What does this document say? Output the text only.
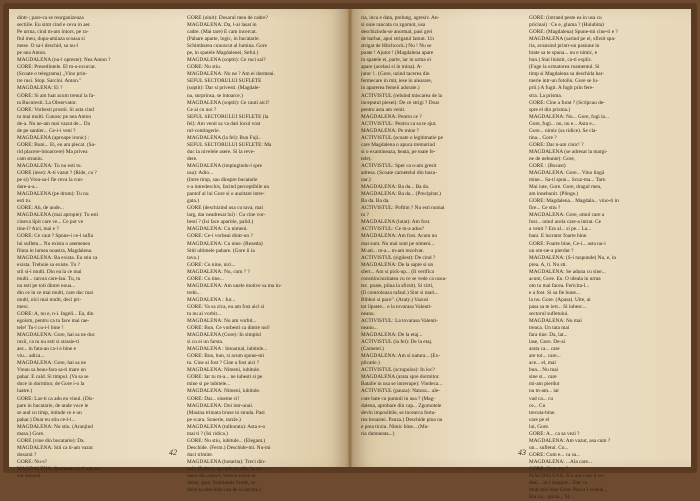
dintr-; pare-ca se reorganizeaza
sectiile. Eu simt cind e ceva in aer.
Pe urma, cind m-am intors, pe ra-
ftul meu, dupa-amiaza scoasa si
mese. O sa-i deschid, sa nu-l
pe nea Anton.
MAGDALENA (nu-l opreste): Nea Anton ?
GORE: Presedintele. El m-a-ncurcat.
(Scoate o telegrama) ,,Vino prin-
tre rusi. Stop. Sarcini. Anton."
MAGDALENA: Ei ?
GORE: Si am luat acum trenul la fa-
ta Bucuresti. La Observator.
GORE: Vorbesti prostii. Si asta cind
tu mai multi. Cunosc pe nea Anton
de-a. Nu ne-am mai vazut de... Da
de pe santier... Ce-i-i veni ?
MAGDALENA (aproape ironic) :
GORE: Buni... Ei, eu am plecat. (Sa-
rid placere-intoarcere) Ma privea
cam straniu.
MAGDALENA: Tu nu esti tu.
GORE (iese): A-ti vazut ? (Ride, cu ?
pe si) Vrea-sa-i fie ceva la cun-
dare-a-a...
MAGDALENA (pe drum): Tu nu
esti tu.
GORE: Ah, de unde...
MAGDALENA (mai apropie): Tu esti
cineva lipit care ve... Ce pot ve
tine-i? Aici, mai e ?
GORE: Ce caut ? Spune-i ce-l sufla
lui sufletu... Nu exista o asemenea
fiinta in lumea noastra, Magdalena.
MAGDALENA: Ba exista. Eu stiu ca
exista. Trebuie sa existe. Tu ?
stii si-i multi. Din ea la ce mai
multi... carora care-lau. Tu, tu
nu esti pe toti dintre noua...
din ce in ce mai multi, care duc mai
multi, nici mai multi, deci pri-
mesc.
GORE: A, nu e, n-i. Ingeli... Ea, din
egoism, pentru ca tu face mai rae-
tele! Tu-l cu-i-l bine !
MAGDALENA: Gore, hai sa ne duc
rusii, ca tu nu esti si strasie-ti
aer... in fata-au ca-i e bine e
viu... adica...
MAGDALENA: Gore, hai sa ne
Vreau sa beau-fara sa-ti mare un
pahar. E cald. Si timpul. (Va sa se
duce in dormitor, de Gore i-o la
luatre.)
GORE: Las-ti ca adu eu vinul. (Dis-
pare in bucatarie, de unde voce le
se aud cu timp, intinde ce e un
pahar.) Doar eu stiu ce-l-l...
MAGDALENA: Nu stiu. (Aranjind
masa.) Gore.
GORE (vine din bucatarie): Da.
MAGDALENA: Stii ca ti-am vazut
dosarul ?
GORE: Nu-s?
MAGDALENA: Spuneam ca ti-am va-
zut dosarul.
GORE (uluit): Dosarul meu de cadre?
MAGDALENA: Da, l-ai lasat in
cadre. (Mai tare) E cam incercat.
(Pahare aparte, logic, in bucatarie.
Schimbarea cunoscut al lumina. Gore
pe, in spatele Magdalenei, Seful.)
MAGDALENA (soptit): Ce ruci sai?
GORE: Nu stiu.
MAGDALENA: Nu ne ? Am ei dormeai.
SEFUL SECTORULUI SUFLETE
(soptit): Dar si privesti. (Magdale-
na, surprinsa, se intoarce.)
MAGDALENA (soptit): Ce cauti aici?
Ce ai cu noi ?
SEFUL SECTORULUI SUFLETE (la
fel): Am venit sa va dati locul vost
rul-contingerie.
MAGDALENA (la fel): Bun Fuji..
SEFUL SECTORULUI SUFLETE: Ma
duc la nivelele asere. Si la reve-
dere.
MAGDALENA (impingindu-l spre
usa): Adio...
(Intre timp, sau dinspre bucatarie
s-a intredeschis, facind perceptibile un
pantof al lui Gore si o auzitare intre-
gata.)
GORE (deschizind usa cu tava, mai
larg, dar neadresat lui) : Cu cine vor-
besti ? (Isi face aparitie, palid.)
MAGDALENA: Cu nimeni.
GORE: Ce-i vorbeai dintr-un ?
MAGDALENA: Cu nine. (Rezeda)
Stiti ultimele pahare. (Gore ii ia
tava.)
GORE: Cu nine, nici...
MAGDALENA: Nu, cum ? ?
GORE: Cu tine...
MAGDALENA: Am unele motive sa ma in-
trebi...
MAGDALENA : Jur...
GORE: Va sa zica, eu am fost aici si
tu nu ai vorbit...
MAGDALENA: Nu am vorbit...
GORE: Bun. Ce vorbesti ca dintre noi!
MAGDALENA (Gore): In simplul
si cu ei un farsta.
MAGDALENA : Intoarnal, iubitule...
GORE: Bun, bun, si acum spune-mi
tu. Cine ai fost ? Cine a fost aici ?
MAGDALENA: Nimeni, iubitule.
GORE: Iar tu m-a... ne iubesti si pe
mine si pe iubitele...
MAGDALENA: Nimeni, iubitule.
GORE: Dar... sineme ci!
MAGDALENA: Doi intr-unul.
(Masina trimata bruse in strada. Pasi
pe scara. Sonerie, tarzie.)
MAGDALENA (tulburata): Asta e-o
mai ti ? (Isi ridica.)
GORE: Nu stiu, iubitule... (Elegant.)
Deschide. (Ferm.) Deschide-mi. Nu-mi
duci trimite.
MAGDALENA (hotarita): Treci din-
colo (Il duce, apropie cu sila, la co-
mera din alaturi, brusca tresul ei
dosar, apoi, framintata foarte, se
duce sa deschida usa de la intrare.)
42
ria, inca e data, prelung, agresiv. An-
si onie rancata cu zgomot, usa
deschizindu-se anormal, pasi grei
de barbat, apoi strigatul lamut. Un
strigat de Hitchcock.) Nu ! Nu se
poate ! Ajutor ! (Magdalena apare
in spatele ei, parte, iar in urma ei
apare (acelasi si in mina). A-
jutor !.. (Gore, uzind tacerea din
fermecare in mit, iese in alearare,
in aparerea femeii adorate.)
ACTIVISTUL (reluind miscarea de la
inceputul piesei): De ce strigi ? Doar
pentru asta am venit.
MAGDALENA: Pentru ce ?
ACTIVISTUL: Pentru ca sa te ajut.
MAGDALENA: Pe mine ?
ACTIVISTUL (scoate o legitimatie pe
care Magdalena o apuca tremurind
si o examineaza, beata, pe toate fe-
tele).
ACTIVISTUL: Sper ca n-am gresit
adresa. (Scoate carnetelul din buzu-
nar.)
MAGDALENA: Ba da... Ba da.
MAGDALENA: Ba da... (Precipitat.)
Ba da. Ba da.
ACTIVISTUL: Poftim ? Nu esti numai
tu ?
MAGDALENA (lutat): Am fost.
ACTIVISTUL: Ce m-a adus?
MAGDALENA: Am fost. Acum nu
mai sunt. Nu mai sunt pe nimeni...
M-ati... m-a... m-am rezolvat.
ACTIVISTUL (sigilest): De cind ?
MAGDALENA: De la sapte si un
sfert... Am si pick-up... (Ii verifica
constiinciozitatea cu ce se vede ca usoa-
tec. poate, plina la sfirsit). Si cirti,
(Il controleaza rafaul.) Sint si mari...
Bibhoi si pace". (Araty.) Vazusi
tot lipsete... e la tovarasa Valenti-
neanu.
ACTIVISTUL: La tovarasa Valenti-
neanu...
MAGDALENA: De la etaj...
ACTIVISTUL (la fel): De la etaj.
(Carnetel.)
MAGDALENA: Am si natura... (Ex-
plicatie.)
ACTIVISTUL (scrupulos): In loc?
MAGDALENA (arata spre dormitor.
Batalie in usa se intrerupe): Vindeca...
ACTIVISTUL (pauza): Natura... ale-
cute bate cu pumnii in usa ? (Mag-
dalena, aprobare din cap... Zgomotele
devin imposibile, se incearca forta-
rea broastei. Pauza.) Deschide pina nu
e prea tirziu. Nimic bine... (Ma-
ria dumneata...)
GORE: (intrand peste ea in usa cu
pricinai) : Ce e, gluma ? (Hulubita)
GORE: (Magdalena) Spune-mi cine-ti e ?
MAGDALENA (sarind pe el, sfirsit spa-
ria, avansind printr-un pasiune in
brate sa te spuna... nu e nimic, e
bun.) Stai linistit, ca-ti explic.
(Fuge la urmatorea roamentul. Si
timp si Magdalena sa deschida bar-
merie intr-un fotoliu. Gore se lu-
prii.) A fugit. A fugit prin fere-
stra. La prisma.
GORE: Cine a furat ? (Scripcau de-
spre el din prisma.)
MAGDALENA: Nu... Gore, fugi la...
Gore, fugi... nu, nu e... Asta e...
Gore... nimic (sa ridice). Se cla-
tina... Gore ?
GORE: Dar n-am cinic! ?
MAGDALENA (se adresat la margi-
ne de nebunie): Gore,
GORE : (Bocast)
MAGDALENA: Gore... Vino lingä
mine... Sa-ti spun... Scuz-ma... Tare.
Mai iute, Gore. Gore, dragul meu,
am innebunit. (Plinge.)
GORE: Magdalena... Magdala... vino-ti in
fire... Ce stiu ?
MAGDALENA: Gore, omul care a
fost... omul acela care-a intrat. Ce
a venit ? Era al... si pe... La...
bani. E lucrator foarte bine.
GORE: Foarte bine, Ce-i... asta nu-i
un om-ne-a pierdut ?
MAGDALENA: (S-i raspunde) Nu, e, in
prea. A, ti. Nu sti.
MAGDALENA: Se aduna cu sine...
acum, Gore. Eu. O ideala in urma
om tu mai facea. Fericita-l...
e a fost. Si sa fie bune...
la nu. Gore. (Apasa). Uite, ai
pasa sa te iert... Si iubesc...
sectorul sufletului.
MAGDALENA: Nu mai
treaca. Un tata mai
fara tine. Da, lat...
lase, Gore. De-ai
arata ca... care
are tot... care...
ace... el, mai
bun... Nu mai
sine si... care
mi-am pierdut
nu m-am... iar
vad ca... cu
ce... Cu
trecuta-bine.
care pe el
lui, Gore.
GORE: A... ca sa vezi ?
MAGDALENA: Am vazut, asa cum ?
un... sufletul. Cu...
GORE: Cum e... ca sa...
MAGDALENA: ...Ala care...
GORE: Cum era ?
MAGDALENA: Era asa cum il ve-
deai... in-i singure... Dar cu
mult mai bine Gore. Parca-l vedeai...
Era ca... parca... Si...
43
